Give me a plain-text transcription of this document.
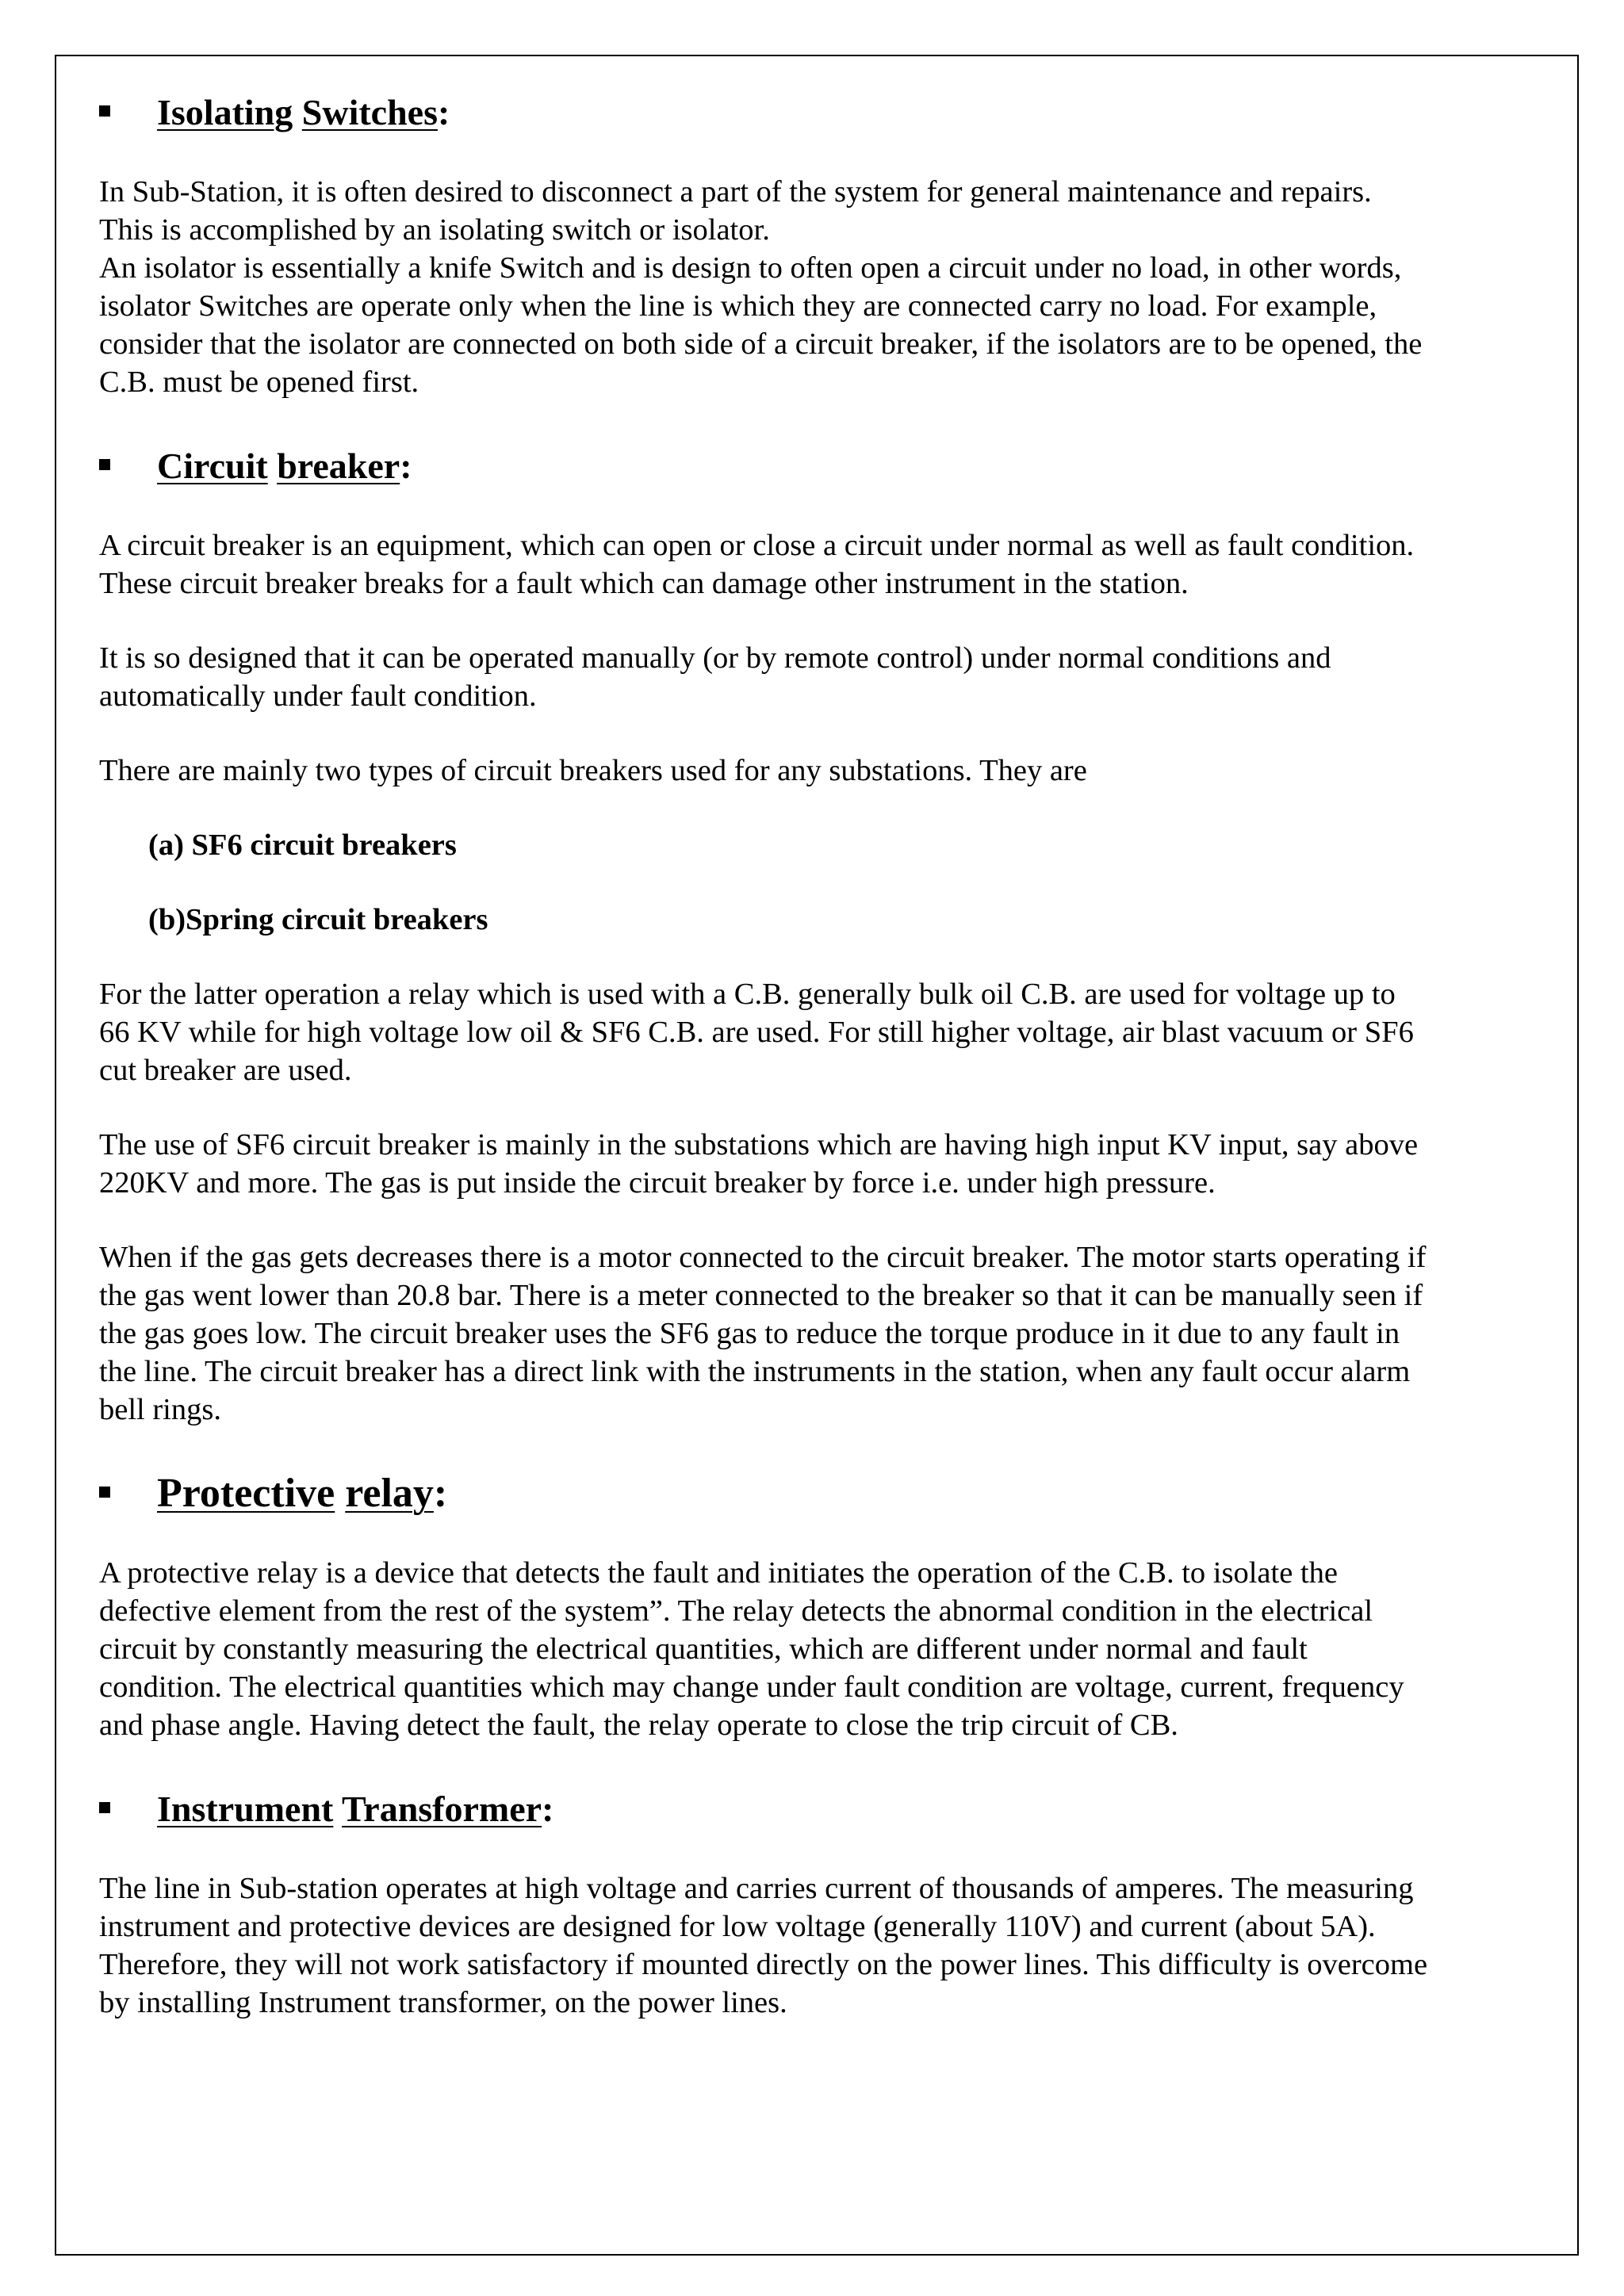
Isolating Switches:

In Sub-Station, it is often desired to disconnect a part of the system for general maintenance and repairs.
This is accomplished by an isolating switch or isolator.
An isolator is essentially a knife Switch and is design to often open a circuit under no load, in other words,
isolator Switches are operate only when the line is which they are connected carry no load. For example,
consider that the isolator are connected on both side of a circuit breaker, if the isolators are to be opened, the
C.B. must be opened first.

Circuit breaker:

A circuit breaker is an equipment, which can open or close a circuit under normal as well as fault condition.
These circuit breaker breaks for a fault which can damage other instrument in the station.

It is so designed that it can be operated manually (or by remote control) under normal conditions and
automatically under fault condition.

There are mainly two types of circuit breakers used for any substations. They are

(a) SF6 circuit breakers

(b)Spring circuit breakers

For the latter operation a relay which is used with a C.B. generally bulk oil C.B. are used for voltage up to
66 KV while for high voltage low oil & SF6 C.B. are used. For still higher voltage, air blast vacuum or SF6
cut breaker are used.

The use of SF6 circuit breaker is mainly in the substations which are having high input KV input, say above
220KV and more. The gas is put inside the circuit breaker by force i.e. under high pressure.

When if the gas gets decreases there is a motor connected to the circuit breaker. The motor starts operating if
the gas went lower than 20.8 bar. There is a meter connected to the breaker so that it can be manually seen if
the gas goes low. The circuit breaker uses the SF6 gas to reduce the torque produce in it due to any fault in
the line. The circuit breaker has a direct link with the instruments in the station, when any fault occur alarm
bell rings.

Protective relay:

A protective relay is a device that detects the fault and initiates the operation of the C.B. to isolate the
defective element from the rest of the system”. The relay detects the abnormal condition in the electrical
circuit by constantly measuring the electrical quantities, which are different under normal and fault
condition. The electrical quantities which may change under fault condition are voltage, current, frequency
and phase angle. Having detect the fault, the relay operate to close the trip circuit of CB.

Instrument Transformer:

The line in Sub-station operates at high voltage and carries current of thousands of amperes. The measuring
instrument and protective devices are designed for low voltage (generally 110V) and current (about 5A).
Therefore, they will not work satisfactory if mounted directly on the power lines. This difficulty is overcome
by installing Instrument transformer, on the power lines.
